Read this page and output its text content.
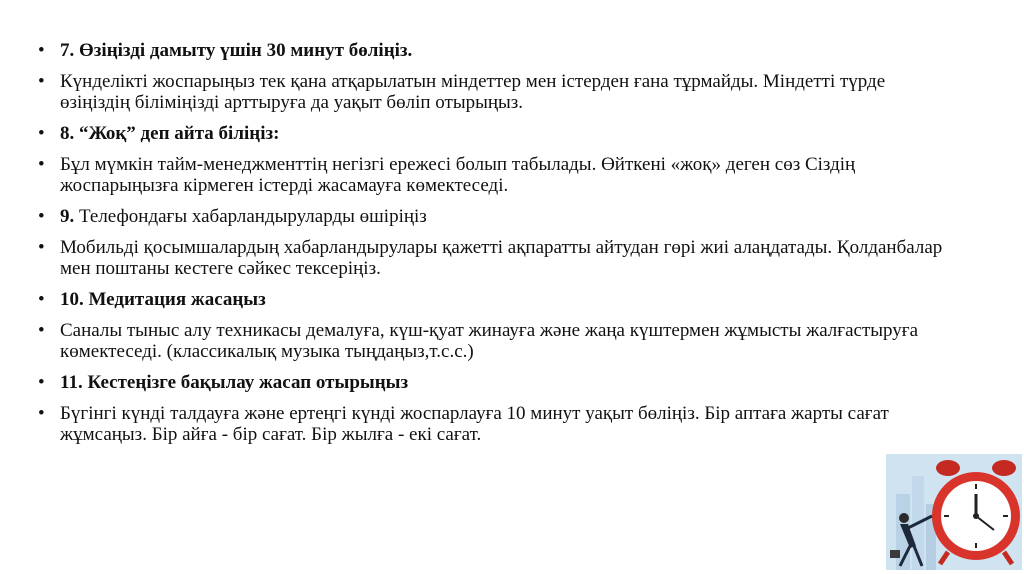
• 7. Өзіңізді дамыту үшін 30 минут бөліңіз.
• Күнделікті жоспарыңыз тек қана атқарылатын міндеттер мен істерден ғана тұрмайды. Міндетті түрде өзіңіздің біліміңізді арттыруға да уақыт бөліп отырыңыз.
• 8. “Жоқ” деп айта біліңіз:
• Бұл мүмкін тайм-менеджменттің негізгі ережесі болып табылады. Өйткені «жоқ» деген сөз Сіздің жоспарыңызға кірмеген істерді жасамауға көмектеседі.
• 9. Телефондағы хабарландыруларды өшіріңіз
• Мобильді қосымшалардың хабарландырулары қажетті ақпаратты айтудан гөрі жиі алаңдатады. Қолданбалар мен поштаны кестеге сәйкес тексеріңіз.
• 10. Медитация жасаңыз
• Саналы тыныс алу техникасы демалуға, күш-қуат жинауға және жаңа күштермен жұмысты жалғастыруға көмектеседі. (классикалық музыка тыңдаңыз,т.с.с.)
• 11. Кестеңізге бақылау жасап отырыңыз
• Бүгінгі күнді талдауға және ертеңгі күнді жоспарлауға 10 минут уақыт бөліңіз. Бір аптаға жарты сағат жұмсаңыз. Бір айға - бір сағат. Бір жылға - екі сағат.
